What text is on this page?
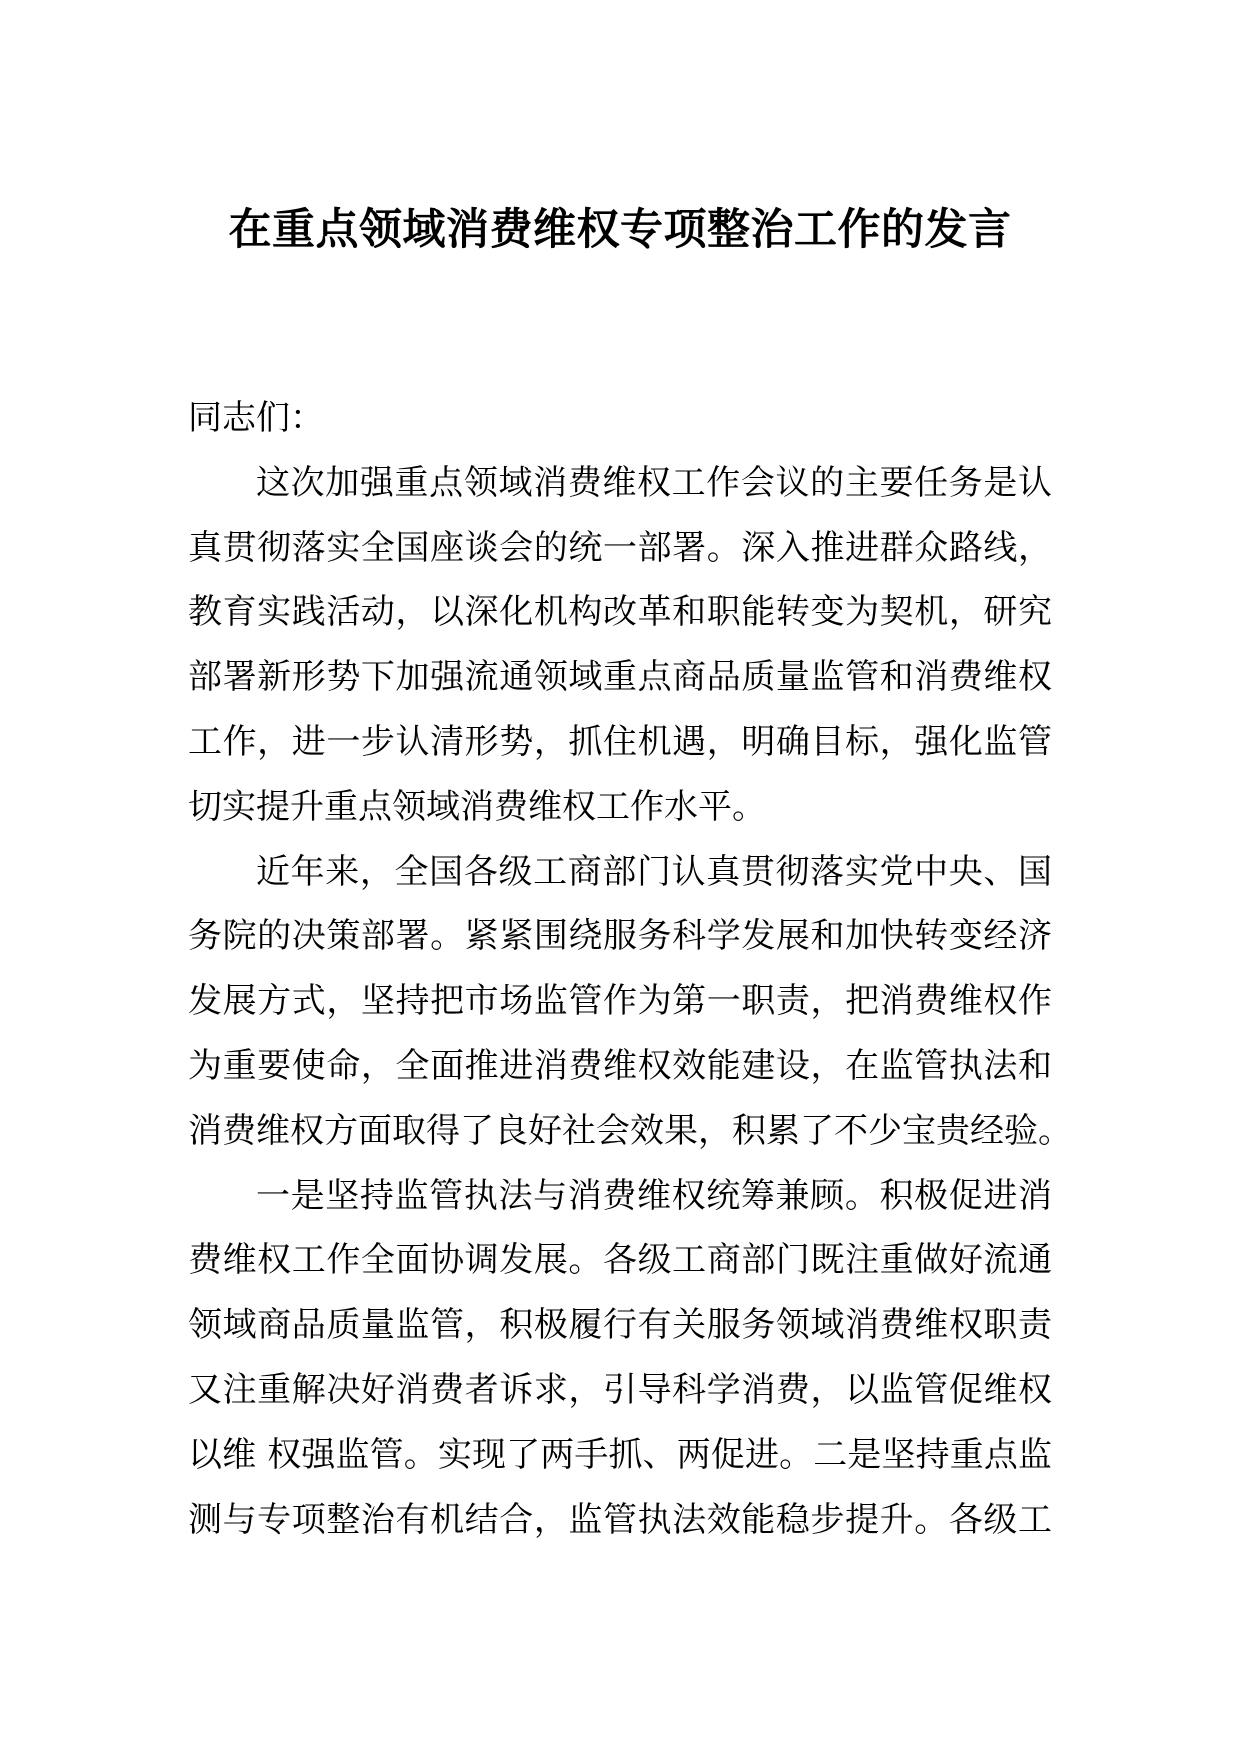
在重点领域消费维权专项整治工作的发言
同志们：
这次加强重点领域消费维权工作会议的主要任务是认
真贯彻落实全国座谈会的统一部署。深入推进群众路线，
教育实践活动，以深化机构改革和职能转变为契机，研究
部署新形势下加强流通领域重点商品质量监管和消费维权
工作，进一步认清形势，抓住机遇，明确目标，强化监管
切实提升重点领域消费维权工作水平。
近年来，全国各级工商部门认真贯彻落实党中央、国
务院的决策部署。紧紧围绕服务科学发展和加快转变经济
发展方式，坚持把市场监管作为第一职责，把消费维权作
为重要使命，全面推进消费维权效能建设，在监管执法和
消费维权方面取得了良好社会效果，积累了不少宝贵经验。
一是坚持监管执法与消费维权统筹兼顾。积极促进消
费维权工作全面协调发展。各级工商部门既注重做好流通
领域商品质量监管，积极履行有关服务领域消费维权职责
又注重解决好消费者诉求，引导科学消费，以监管促维权
以维 权强监管。实现了两手抓、两促进。二是坚持重点监
测与专项整治有机结合，监管执法效能稳步提升。各级工
